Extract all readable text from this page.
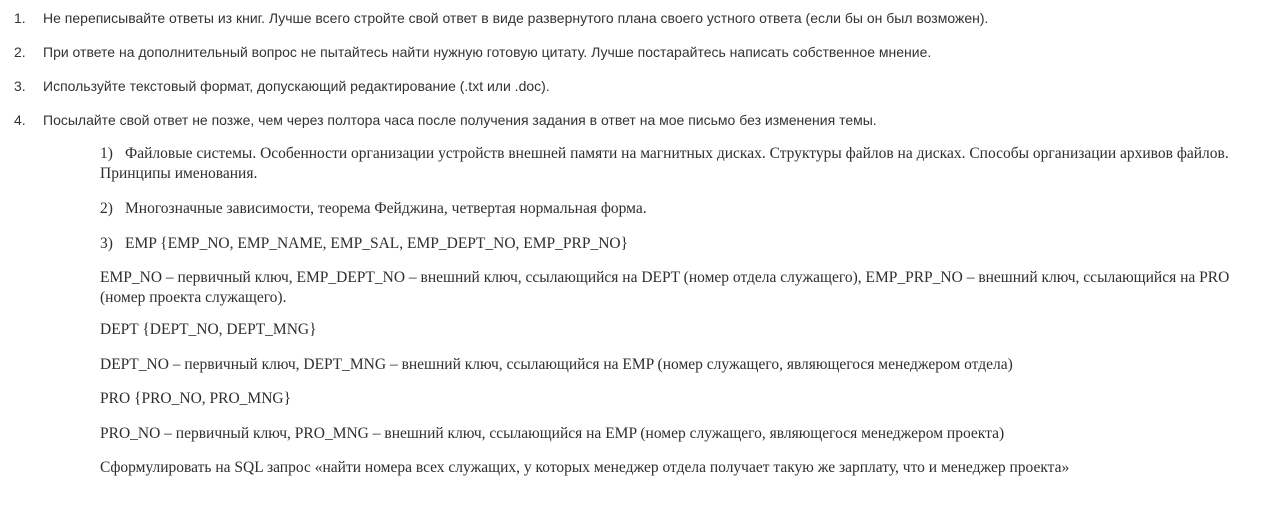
1. Не переписывайте ответы из книг. Лучше всего стройте свой ответ в виде развернутого плана своего устного ответа (если бы он был возможен).
2. При ответе на дополнительный вопрос не пытайтесь найти нужную готовую цитату. Лучше постарайтесь написать собственное мнение.
3. Используйте текстовый формат, допускающий редактирование (.txt или .doc).
4. Посылайте свой ответ не позже, чем через полтора часа после получения задания в ответ на мое письмо без изменения темы.
1) Файловые системы. Особенности организации устройств внешней памяти на магнитных дисках. Структуры файлов на дисках. Способы организации архивов файлов.
Принципы именования.
2) Многозначные зависимости, теорема Фейджина, четвертая нормальная форма.
3) EMP {EMP_NO, EMP_NAME, EMP_SAL, EMP_DEPT_NO, EMP_PRP_NO}
EMP_NO – первичный ключ, EMP_DEPT_NO – внешний ключ, ссылающийся на DEPT (номер отдела служащего), EMP_PRP_NO – внешний ключ, ссылающийся на PRO
(номер проекта служащего).
DEPT {DEPT_NO, DEPT_MNG}
DEPT_NO – первичный ключ, DEPT_MNG – внешний ключ, ссылающийся на EMP (номер служащего, являющегося менеджером отдела)
PRO {PRO_NO, PRO_MNG}
PRO_NO – первичный ключ, PRO_MNG – внешний ключ, ссылающийся на EMP (номер служащего, являющегося менеджером проекта)
Сформулировать на SQL запрос «найти номера всех служащих, у которых менеджер отдела получает такую же зарплату, что и менеджер проекта»
